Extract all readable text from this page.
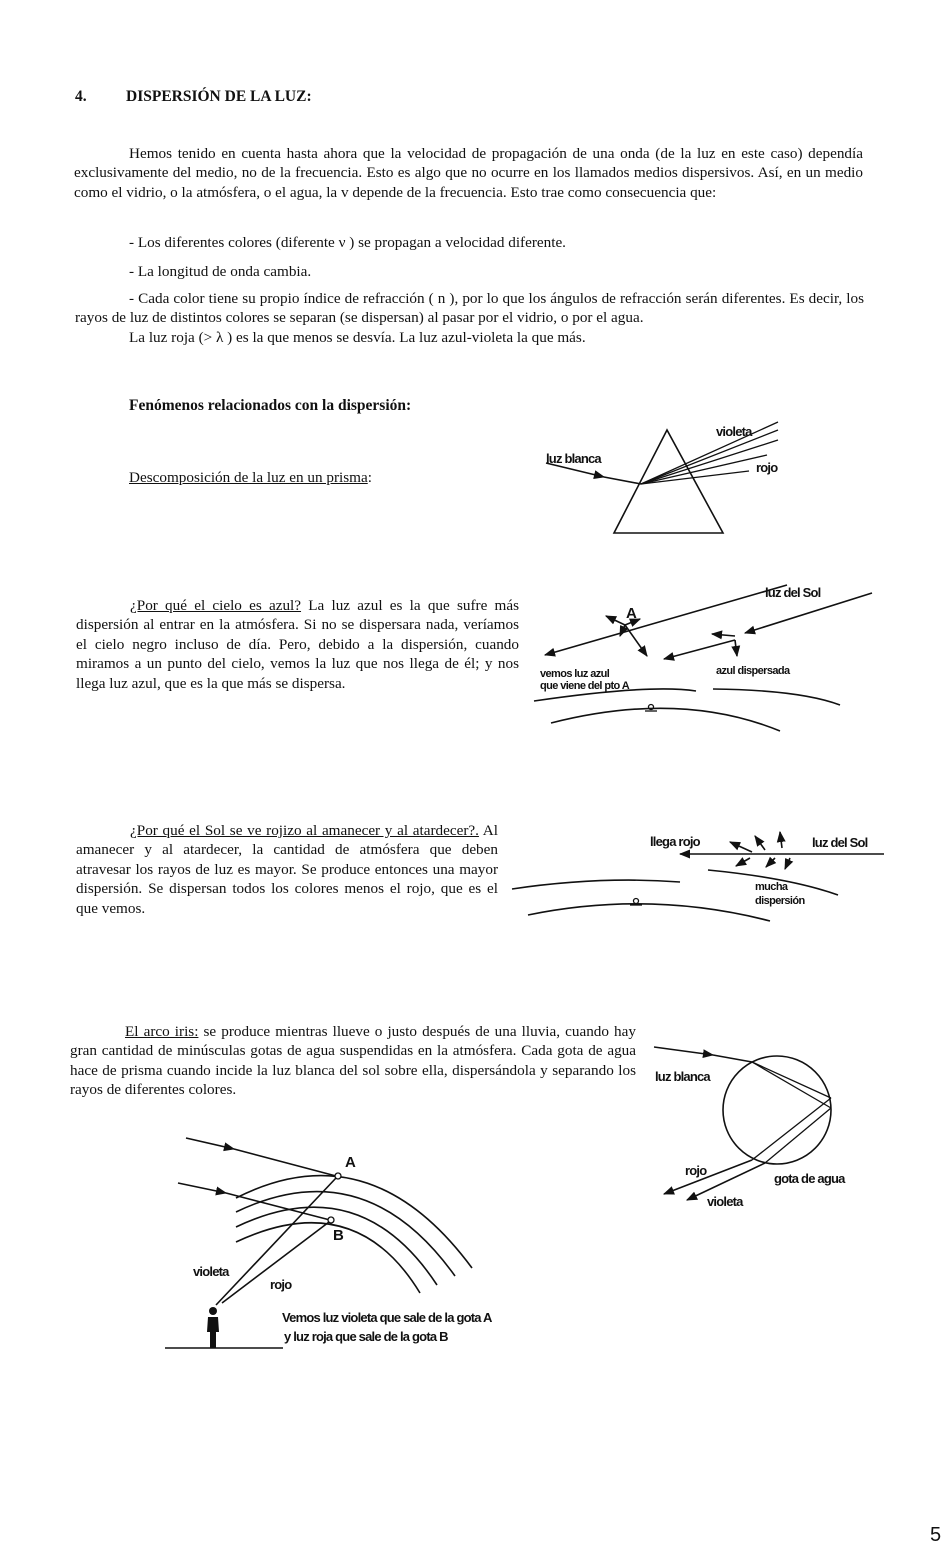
4.	DISPERSIÓN DE LA LUZ:
Hemos tenido en cuenta hasta ahora que la velocidad de propagación de una onda (de la luz en este caso) dependía exclusivamente del medio, no de la frecuencia. Esto es algo que no ocurre en los llamados medios dispersivos. Así, en un medio como el vidrio, o la atmósfera, o el agua, la v depende de la frecuencia. Esto trae como consecuencia que:
- Los diferentes colores (diferente ν ) se propagan a velocidad diferente.
- La longitud de onda cambia.
- Cada color tiene su propio índice de refracción ( n ), por lo que los ángulos de refracción serán diferentes. Es decir, los rayos de luz de distintos colores se separan (se dispersan) al pasar por el vidrio, o por el agua.
La luz roja (> λ ) es la que menos se desvía. La luz azul-violeta la que más.
Fenómenos relacionados con la dispersión:
Descomposición de la luz en un prisma:
¿Por qué el cielo es azul? La luz azul es la que sufre más dispersión al entrar en la atmósfera. Si no se dispersara nada, veríamos el cielo negro incluso de día. Pero, debido a la dispersión, cuando miramos a un punto del cielo, vemos la luz que nos llega de él; y nos llega luz azul, que es la que más se dispersa.
¿Por qué el Sol se ve rojizo al amanecer y al atardecer?. Al amanecer y al atardecer, la cantidad de atmósfera que deben atravesar los rayos de luz es mayor. Se produce entonces una mayor dispersión. Se dispersan todos los colores menos el rojo, que es el que vemos.
El arco iris: se produce mientras llueve o justo después de una lluvia, cuando hay gran cantidad de minúsculas gotas de agua suspendidas en la atmósfera. Cada gota de agua hace de prisma cuando incide la luz blanca del sol sobre ella, dispersándola y separando los rayos de diferentes colores.
luz blanca
violeta
rojo
A
luz del Sol
azul dispersada
vemos luz azul
que viene del pto A
llega rojo	luz del Sol
mucha
dispersión
luz blanca
rojo
violeta
gota de agua
A
B
violeta
rojo
Vemos luz violeta que sale de la gota A
y luz roja que sale de la gota B
5
